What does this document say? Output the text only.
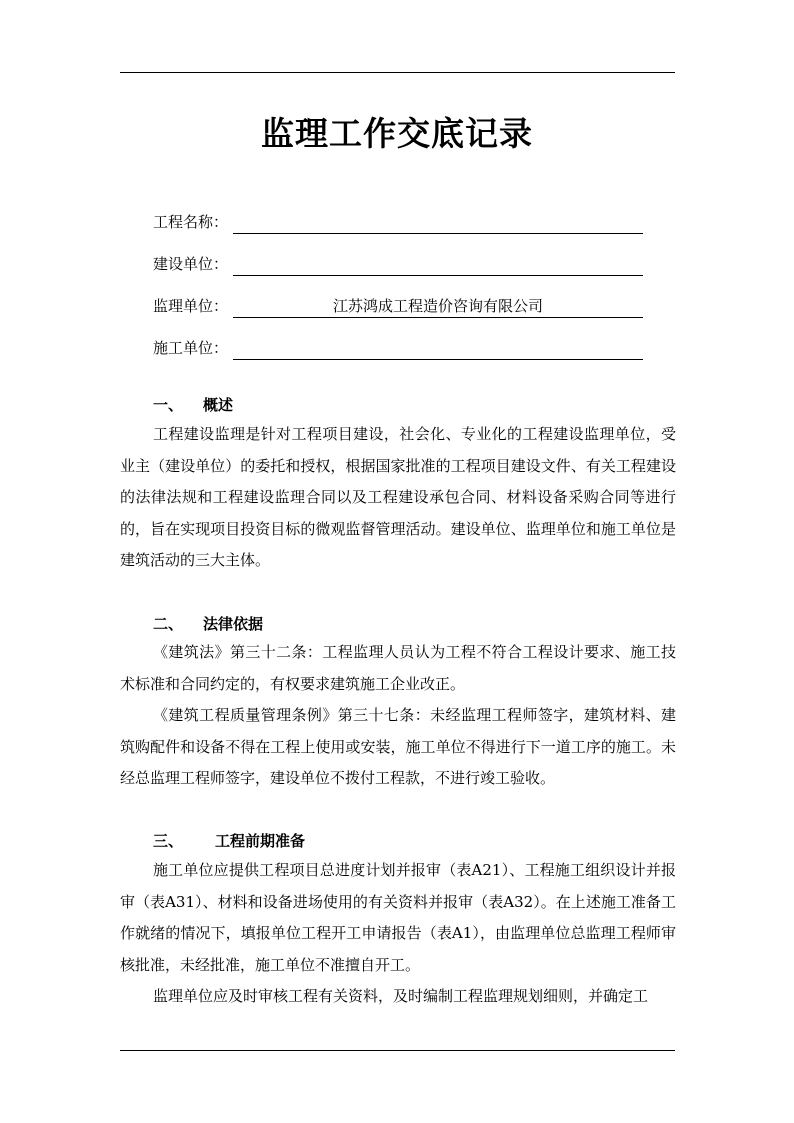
监理工作交底记录
工程名称：
建设单位：
监理单位：	江苏鸿成工程造价咨询有限公司
施工单位：
一、 概述

工程建设监理是针对工程项目建设，社会化、专业化的工程建设监理单位，受业主（建设单位）的委托和授权，根据国家批准的工程项目建设文件、有关工程建设的法律法规和工程建设监理合同以及工程建设承包合同、材料设备采购合同等进行的，旨在实现项目投资目标的微观监督管理活动。建设单位、监理单位和施工单位是建筑活动的三大主体。

二、 法律依据

《建筑法》第三十二条：工程监理人员认为工程不符合工程设计要求、施工技术标准和合同约定的，有权要求建筑施工企业改正。

《建筑工程质量管理条例》第三十七条：未经监理工程师签字，建筑材料、建筑购配件和设备不得在工程上使用或安装，施工单位不得进行下一道工序的施工。未经总监理工程师签字，建设单位不拨付工程款，不进行竣工验收。

三、 工程前期准备

施工单位应提供工程项目总进度计划并报审（表A21）、工程施工组织设计并报审（表A31）、材料和设备进场使用的有关资料并报审（表A32）。在上述施工准备工作就绪的情况下，填报单位工程开工申请报告（表A1），由监理单位总监理工程师审核批准，未经批准，施工单位不准擅自开工。

监理单位应及时审核工程有关资料，及时编制工程监理规划细则，并确定工
